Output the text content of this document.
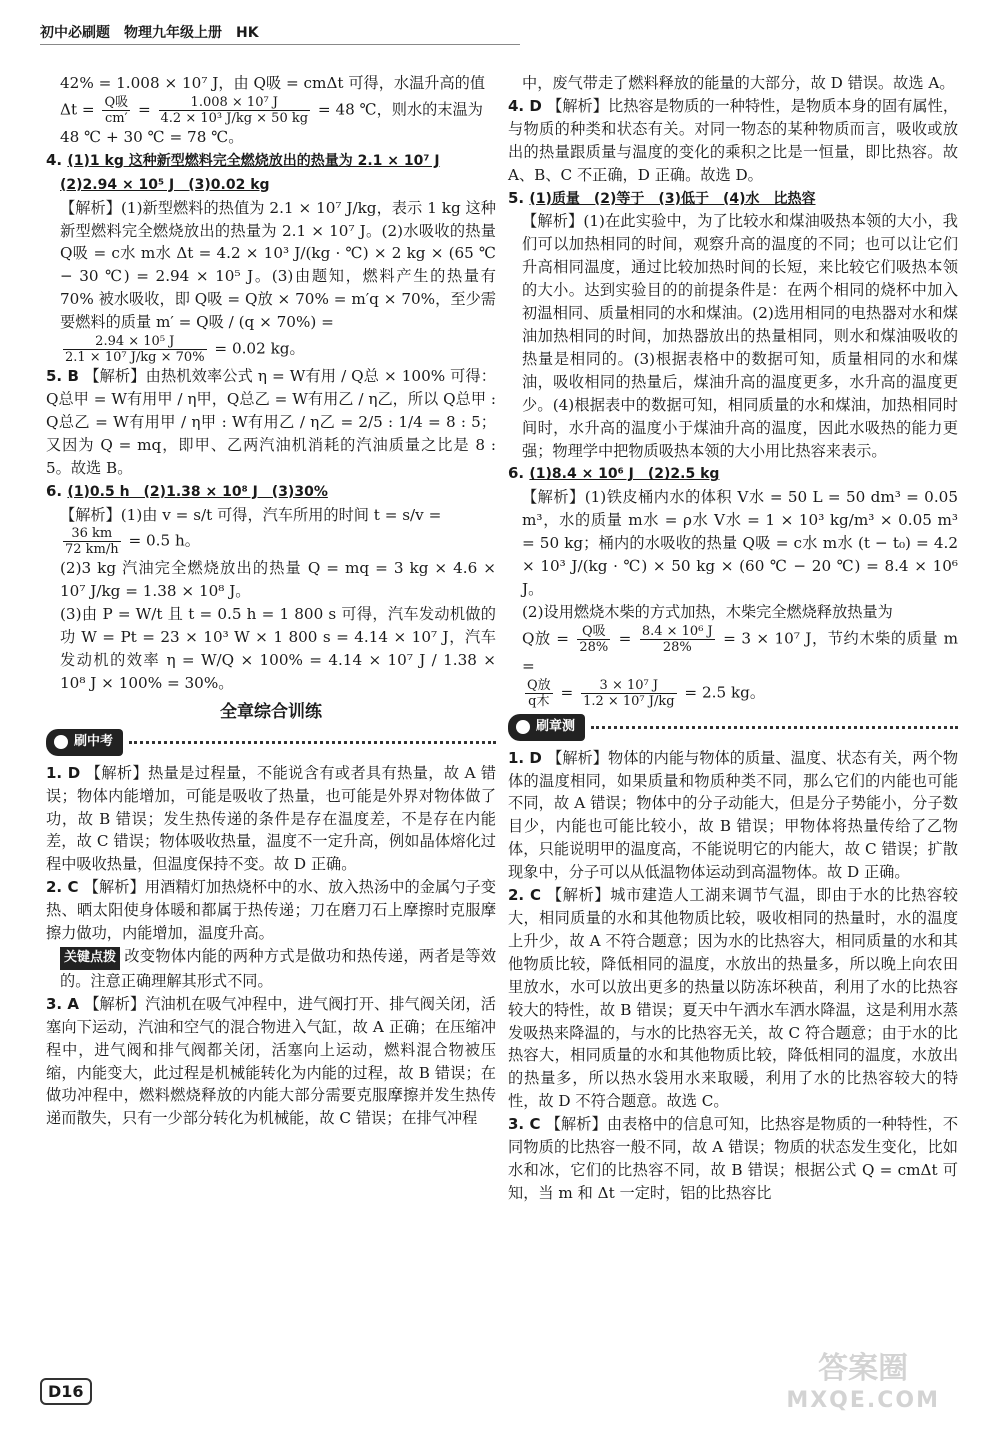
初中必刷题　物理九年级上册　HK

42% = 1.008 × 10⁷ J，由 Q吸 = cmΔt 可得，水温升高的值

$\Delta t = \frac{\text{Q吸}}{cm'} = \frac{\text{1.008 × 10⁷ J}}{\text{4.2 × 10³ J/kg × 50 kg}} = 48$ ℃，则水的末温为

48 ℃ + 30 ℃ = 78 ℃。

4. (1)1 kg 这种新型燃料完全燃烧放出的热量为 2.1 × 10⁷ J

(2)2.94 × 10⁵ J　(3)0.02 kg

【解析】(1)新型燃料的热值为 2.1 × 10⁷ J/kg，表示 1 kg 这种新型燃料完全燃烧放出的热量为 2.1 × 10⁷ J。(2)水吸收的热量 Q吸 = c水 m水 Δt = 4.2 × 10³ J/(kg · ℃) × 2 kg × (65 ℃ − 30 ℃) = 2.94 × 10⁵ J。(3)由题知，燃料产生的热量有 70% 被水吸收，即 Q吸 = Q放 × 70% = m′q × 70%，至少需要燃料的质量 m′ = Q吸 / (q × 70%) =

$\frac{\text{2.94 × 10⁵ J}}{\text{2.1 × 10⁷ J/kg × 70\%}} = 0.02$ kg。

5. B 【解析】由热机效率公式 η = W有用 / Q总 × 100% 可得：Q总甲 = W有用甲 / η甲，Q总乙 = W有用乙 / η乙，所以 Q总甲 : Q总乙 = W有用甲 / η甲 : W有用乙 / η乙 = 2/5 : 1/4 = 8 : 5；又因为 Q = mq，即甲、乙两汽油机消耗的汽油质量之比是 8 : 5。故选 B。

6. (1)0.5 h　(2)1.38 × 10⁸ J　(3)30%

【解析】(1)由 v = s/t 可得，汽车所用的时间 t = s/v =

$\frac{36 km}{72 km/h} = 0.5$ h。

(2)3 kg 汽油完全燃烧放出的热量 Q = mq = 3 kg × 4.6 × 10⁷ J/kg = 1.38 × 10⁸ J。

(3)由 P = W/t 且 t = 0.5 h = 1 800 s 可得，汽车发动机做的功 W = Pt = 23 × 10³ W × 1 800 s = 4.14 × 10⁷ J，汽车发动机的效率 η = W/Q × 100% = 4.14 × 10⁷ J / 1.38 × 10⁸ J × 100% = 30%。

全章综合训练
刷中考

1. D 【解析】热量是过程量，不能说含有或者具有热量，故 A 错误；物体内能增加，可能是吸收了热量，也可能是外界对物体做了功，故 B 错误；发生热传递的条件是存在温度差，不是存在内能差，故 C 错误；物体吸收热量，温度不一定升高，例如晶体熔化过程中吸收热量，但温度保持不变。故 D 正确。

2. C 【解析】用酒精灯加热烧杯中的水、放入热汤中的金属勺子变热、晒太阳使身体暖和都属于热传递；刀在磨刀石上摩擦时克服摩擦力做功，内能增加，温度升高。

关键点拨 改变物体内能的两种方式是做功和热传递，两者是等效的。注意正确理解其形式不同。

3. A 【解析】汽油机在吸气冲程中，进气阀打开、排气阀关闭，活塞向下运动，汽油和空气的混合物进入气缸，故 A 正确；在压缩冲程中，进气阀和排气阀都关闭，活塞向上运动，燃料混合物被压缩，内能变大，此过程是机械能转化为内能的过程，故 B 错误；在做功冲程中，燃料燃烧释放的内能大部分需要克服摩擦并发生热传递而散失，只有一少部分转化为机械能，故 C 错误；在排气冲程

中，废气带走了燃料释放的能量的大部分，故 D 错误。故选 A。

4. D 【解析】比热容是物质的一种特性，是物质本身的固有属性，与物质的种类和状态有关。对同一物态的某种物质而言，吸收或放出的热量跟质量与温度的变化的乘积之比是一恒量，即比热容。故 A、B、C 不正确，D 正确。故选 D。

5. (1)质量　(2)等于　(3)低于　(4)水　比热容

【解析】(1)在此实验中，为了比较水和煤油吸热本领的大小，我们可以加热相同的时间，观察升高的温度的不同；也可以让它们升高相同温度，通过比较加热时间的长短，来比较它们吸热本领的大小。达到实验目的的前提条件是：在两个相同的烧杯中加入初温相同、质量相同的水和煤油。(2)选用相同的电热器对水和煤油加热相同的时间，加热器放出的热量相同，则水和煤油吸收的热量是相同的。(3)根据表格中的数据可知，质量相同的水和煤油，吸收相同的热量后，煤油升高的温度更多，水升高的温度更少。(4)根据表中的数据可知，相同质量的水和煤油，加热相同时间时，水升高的温度小于煤油升高的温度，因此水吸热的能力更强；物理学中把物质吸热本领的大小用比热容来表示。

6. (1)8.4 × 10⁶ J　(2)2.5 kg

【解析】(1)铁皮桶内水的体积 V水 = 50 L = 50 dm³ = 0.05 m³，水的质量 m水 = ρ水 V水 = 1 × 10³ kg/m³ × 0.05 m³ = 50 kg；桶内的水吸收的热量 Q吸 = c水 m水 (t − t₀) = 4.2 × 10³ J/(kg · ℃) × 50 kg × (60 ℃ − 20 ℃) = 8.4 × 10⁶ J。

(2)设用燃烧木柴的方式加热，木柴完全燃烧释放热量为

Q放 = $\frac{\text{Q吸}}{28\%} = \frac{\text{8.4 × 10⁶ J}}{28\%} = 3 \times 10^7$ J，节约木柴的质量 m =

$\frac{\text{Q放}}{\text{q木}} = \frac{\text{3 × 10⁷ J}}{\text{1.2 × 10⁷ J/kg}} = 2.5$ kg。

刷章测

1. D 【解析】物体的内能与物体的质量、温度、状态有关，两个物体的温度相同，如果质量和物质种类不同，那么它们的内能也可能不同，故 A 错误；物体中的分子动能大，但是分子势能小，分子数目少，内能也可能比较小，故 B 错误；甲物体将热量传给了乙物体，只能说明甲的温度高，不能说明它的内能大，故 C 错误；扩散现象中，分子可以从低温物体运动到高温物体。故 D 正确。

2. C 【解析】城市建造人工湖来调节气温，即由于水的比热容较大，相同质量的水和其他物质比较，吸收相同的热量时，水的温度上升少，故 A 不符合题意；因为水的比热容大，相同质量的水和其他物质比较，降低相同的温度，水放出的热量多，所以晚上向农田里放水，水可以放出更多的热量以防冻坏秧苗，利用了水的比热容较大的特性，故 B 错误；夏天中午洒水车洒水降温，这是利用水蒸发吸热来降温的，与水的比热容无关，故 C 符合题意；由于水的比热容大，相同质量的水和其他物质比较，降低相同的温度，水放出的热量多，所以热水袋用水来取暖，利用了水的比热容较大的特性，故 D 不符合题意。故选 C。

3. C 【解析】由表格中的信息可知，比热容是物质的一种特性，不同物质的比热容一般不同，故 A 错误；物质的状态发生变化，比如水和冰，它们的比热容不同，故 B 错误；根据公式 Q = cmΔt 可知，当 m 和 Δt 一定时，铝的比热容比

D16
答案圈
MXQE.COM
